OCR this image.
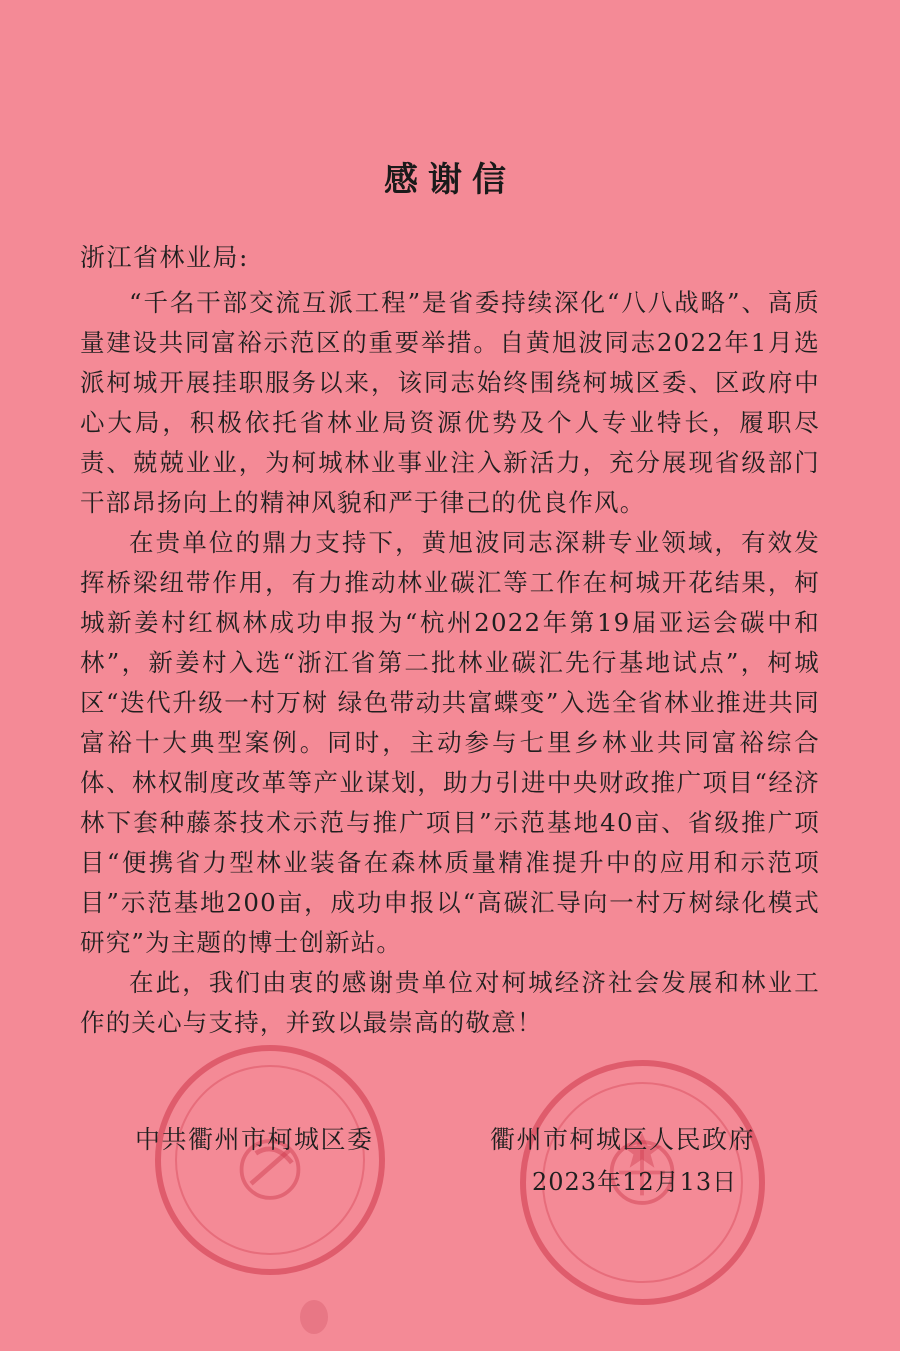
感谢信
浙江省林业局:

“千名干部交流互派工程”是省委持续深化“八八战略”、高质量建设共同富裕示范区的重要举措。自黄旭波同志2022年1月选派柯城开展挂职服务以来，该同志始终围绕柯城区委、区政府中心大局，积极依托省林业局资源优势及个人专业特长，履职尽责、兢兢业业，为柯城林业事业注入新活力，充分展现省级部门干部昂扬向上的精神风貌和严于律己的优良作风。

在贵单位的鼎力支持下，黄旭波同志深耕专业领域，有效发挥桥梁纽带作用，有力推动林业碳汇等工作在柯城开花结果，柯城新姜村红枫林成功申报为“杭州2022年第19届亚运会碳中和林”，新姜村入选“浙江省第二批林业碳汇先行基地试点”，柯城区“迭代升级一村万树 绿色带动共富蝶变”入选全省林业推进共同富裕十大典型案例。同时，主动参与七里乡林业共同富裕综合体、林权制度改革等产业谋划，助力引进中央财政推广项目“经济林下套种藤茶技术示范与推广项目”示范基地40亩、省级推广项目“便携省力型林业装备在森林质量精准提升中的应用和示范项目”示范基地200亩，成功申报以“高碳汇导向一村万树绿化模式研究”为主题的博士创新站。

在此，我们由衷的感谢贵单位对柯城经济社会发展和林业工作的关心与支持，并致以最崇高的敬意！

中共衢州市柯城区委	衢州市柯城区人民政府
2023年12月13日
